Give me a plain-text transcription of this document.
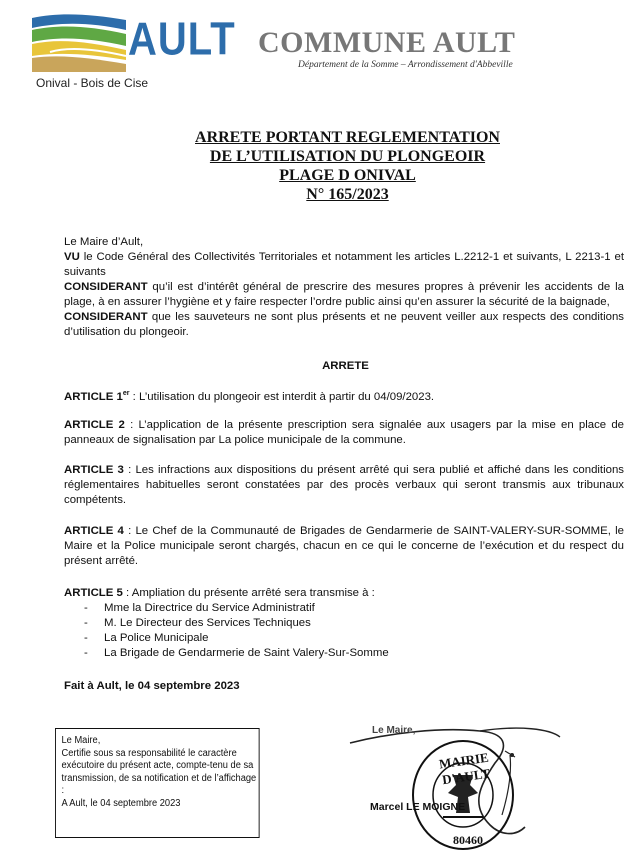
AULT
Onival - Bois de Cise
COMMUNE AULT
Département de la Somme – Arrondissement d'Abbeville
ARRETE PORTANT REGLEMENTATION
DE L’UTILISATION DU PLONGEOIR
PLAGE D ONIVAL
N° 165/2023
Le Maire d’Ault,
VU le Code Général des Collectivités Territoriales et notamment les articles L.2212-1 et suivants, L 2213-1 et suivants
CONSIDERANT qu’il est d’intérêt général de prescrire des mesures propres à prévenir les accidents de la plage, à en assurer l’hygiène et y faire respecter l’ordre public ainsi qu’en assurer la sécurité de la baignade,
CONSIDERANT que les sauveteurs ne sont plus présents et ne peuvent veiller aux respects des conditions d’utilisation du plongeoir.
ARRETE
ARTICLE 1er : L’utilisation du plongeoir est interdit à partir du 04/09/2023.
ARTICLE 2 : L’application de la présente prescription sera signalée aux usagers par la mise en place de panneaux de signalisation par La police municipale de la commune.
ARTICLE 3 : Les infractions aux dispositions du présent arrêté qui sera publié et affiché dans les conditions réglementaires habituelles seront constatées par des procès verbaux qui seront transmis aux tribunaux compétents.
ARTICLE 4 : Le Chef de la Communauté de Brigades de Gendarmerie de SAINT-VALERY-SUR-SOMME, le Maire et la Police municipale seront chargés, chacun en ce qui le concerne de l’exécution et du respect du présent arrêté.
ARTICLE 5 : Ampliation du présente arrêté sera transmise à :
- Mme la Directrice du Service Administratif
- M. Le Directeur des Services Techniques
- La Police Municipale
- La Brigade de Gendarmerie de Saint Valery-Sur-Somme
Fait à Ault, le 04 septembre 2023
Le Maire,
Certifie sous sa responsabilité le caractère exécutoire du présent acte, compte-tenu de sa transmission, de sa notification et de l’affichage :
A Ault, le 04 septembre 2023
Le Maire,
MAIRIE D'AULT
80460
Marcel LE MOIGNE
